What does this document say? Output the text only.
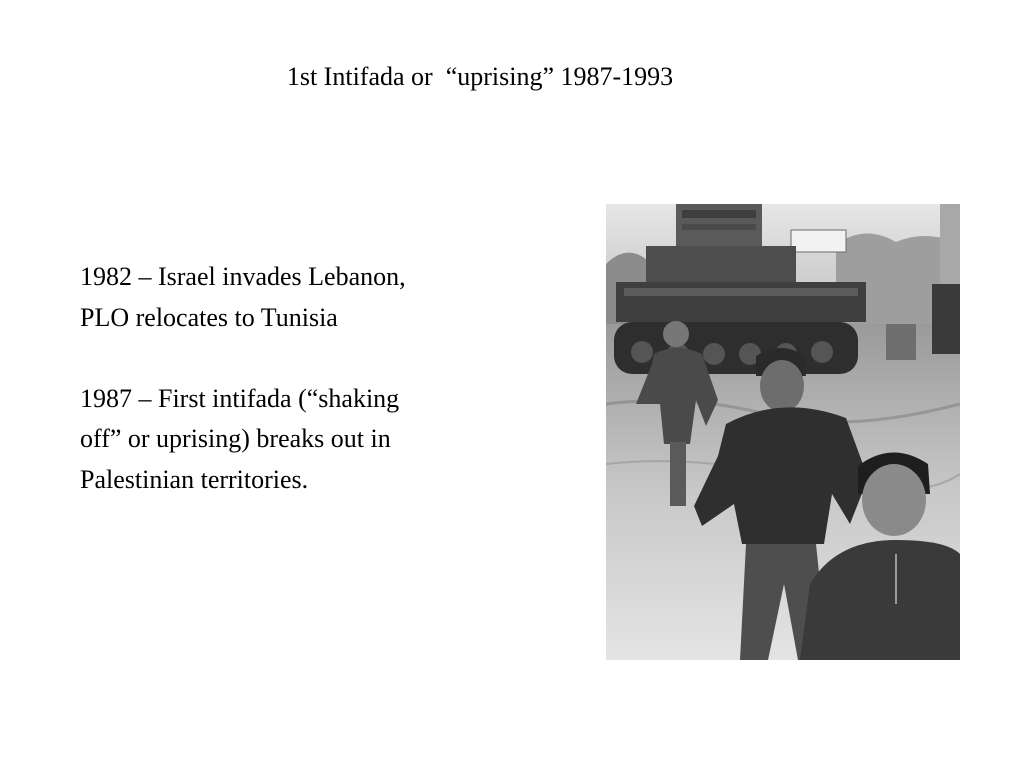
1st Intifada or  “uprising” 1987-1993

1982 – Israel invades Lebanon,
PLO relocates to Tunisia

1987 – First intifada (“shaking
off” or uprising) breaks out in
Palestinian territories.
